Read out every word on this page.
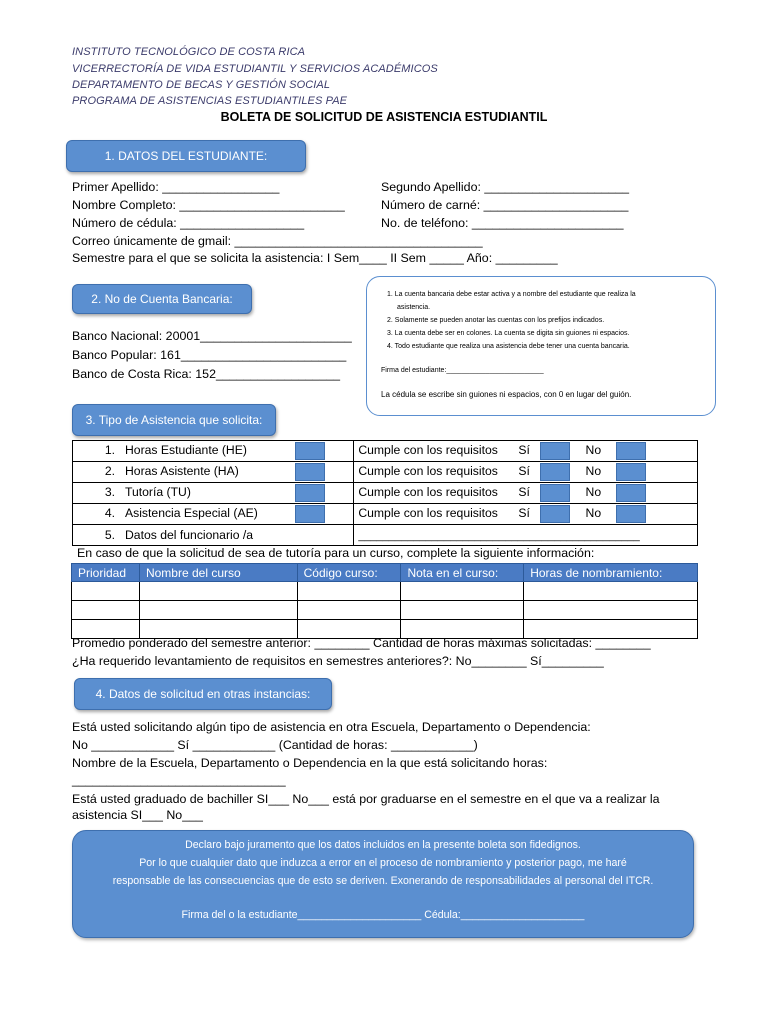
INSTITUTO TECNOLÓGICO DE COSTA RICA
VICERRECTORÍA DE VIDA ESTUDIANTIL Y SERVICIOS ACADÉMICOS
DEPARTAMENTO DE BECAS Y GESTIÓN SOCIAL
PROGRAMA DE ASISTENCIAS ESTUDIANTILES PAE
BOLETA DE SOLICITUD DE ASISTENCIA ESTUDIANTIL
1. DATOS DEL ESTUDIANTE:
Primer Apellido: _________________	Segundo Apellido: _____________________
Nombre Completo: ________________________	Número de carné: _____________________
Número de cédula: __________________	No. de teléfono: ______________________
Correo únicamente de gmail: ____________________________________
Semestre para el que se solicita la asistencia: I Sem____ II Sem _____ Año: _________
2. No de Cuenta Bancaria:
Banco Nacional: 20001______________________
Banco Popular: 161________________________
Banco de Costa Rica: 152__________________
1. La cuenta bancaria debe estar activa y a nombre del estudiante que realiza la
asistencia.
2. Solamente se pueden anotar las cuentas con los prefijos indicados.
3. La cuenta debe ser en colones. La cuenta se digita sin guiones ni espacios.
4. Todo estudiante que realiza una asistencia debe tener una cuenta bancaria.
Firma del estudiante:_________________________
La cédula se escribe sin guiones ni espacios, con 0 en lugar del guión.
3. Tipo de Asistencia que solicita:
1. Horas Estudiante (HE)	Cumple con los requisitos Sí No
2. Horas Asistente (HA)	Cumple con los requisitos Sí No
3. Tutoría (TU)	Cumple con los requisitos Sí No
4. Asistencia Especial (AE)	Cumple con los requisitos Sí No
5. Datos del funcionario /a	______________________________________________
En caso de que la solicitud de sea de tutoría para un curso, complete la siguiente información:
Prioridad	Nombre del curso	Código curso:	Nota en el curso:	Horas de nombramiento:

Promedio ponderado del semestre anterior: ________ Cantidad de horas máximas solicitadas: ________
¿Ha requerido levantamiento de requisitos en semestres anteriores?: No________ Sí_________
4. Datos de solicitud en otras instancias:
Está usted solicitando algún tipo de asistencia en otra Escuela, Departamento o Dependencia:
No ____________ Sí ____________ (Cantidad de horas: ____________)
Nombre de la Escuela, Departamento o Dependencia en la que está solicitando horas:
_______________________________
Está usted graduado de bachiller SI___ No___ está por graduarse en el semestre en el que va a realizar la
asistencia SI___ No___
Declaro bajo juramento que los datos incluidos en la presente boleta son fidedignos.
Por lo que cualquier dato que induzca a error en el proceso de nombramiento y posterior pago, me haré
responsable de las consecuencias que de esto se deriven. Exonerando de responsabilidades al personal del ITCR.
Firma del o la estudiante_____________________ Cédula:_____________________
